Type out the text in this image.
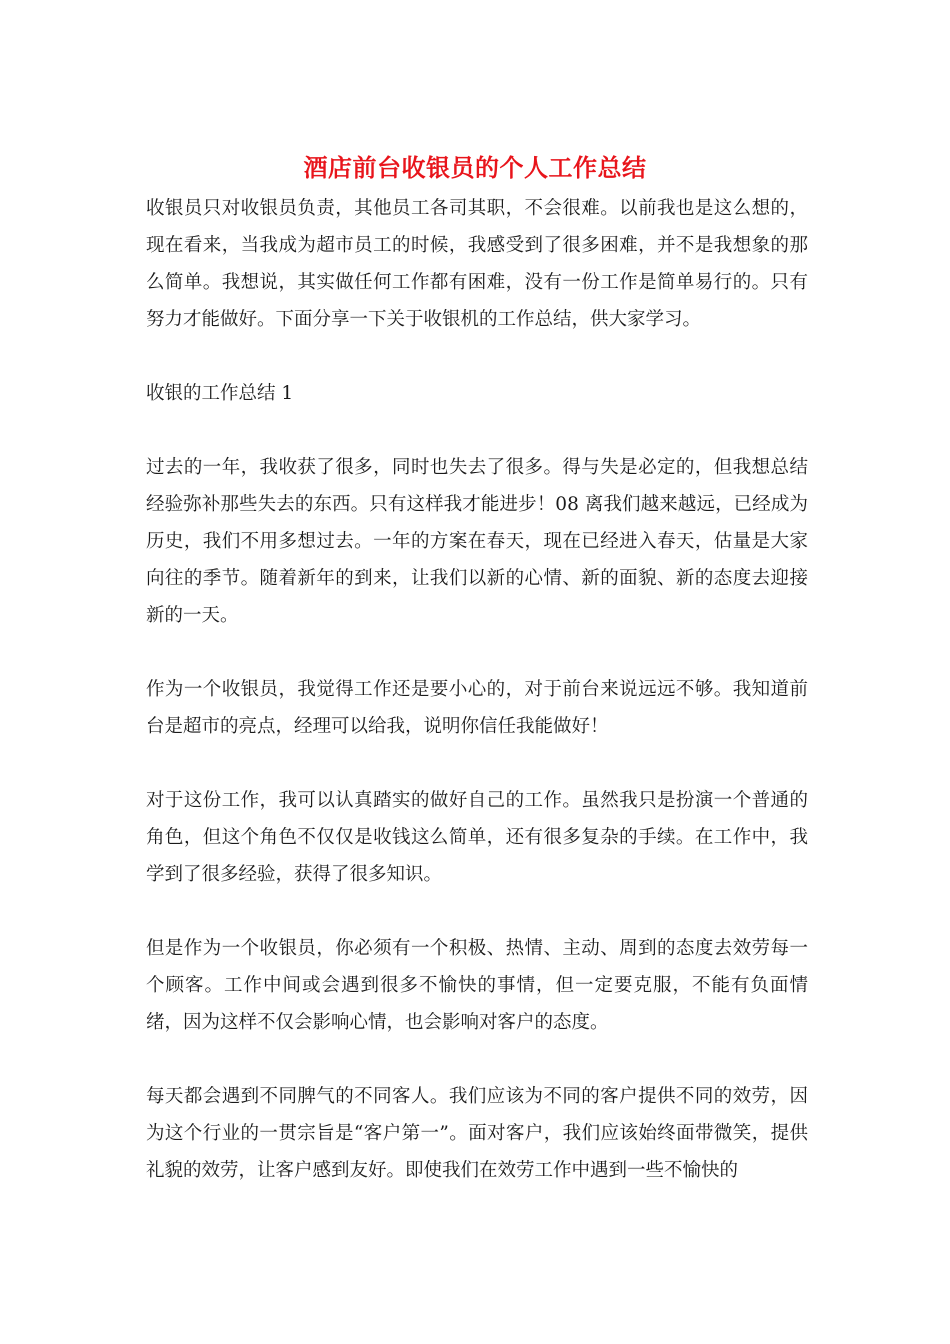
酒店前台收银员的个人工作总结

收银员只对收银员负责，其他员工各司其职，不会很难。以前我也是这么想的，现在看来，当我成为超市员工的时候，我感受到了很多困难，并不是我想象的那么简单。我想说，其实做任何工作都有困难，没有一份工作是简单易行的。只有努力才能做好。下面分享一下关于收银机的工作总结，供大家学习。

收银的工作总结 1

过去的一年，我收获了很多，同时也失去了很多。得与失是必定的，但我想总结经验弥补那些失去的东西。只有这样我才能进步！08 离我们越来越远，已经成为历史，我们不用多想过去。一年的方案在春天，现在已经进入春天，估量是大家向往的季节。随着新年的到来，让我们以新的心情、新的面貌、新的态度去迎接新的一天。

作为一个收银员，我觉得工作还是要小心的，对于前台来说远远不够。我知道前台是超市的亮点，经理可以给我，说明你信任我能做好！

对于这份工作，我可以认真踏实的做好自己的工作。虽然我只是扮演一个普通的角色，但这个角色不仅仅是收钱这么简单，还有很多复杂的手续。在工作中，我学到了很多经验，获得了很多知识。

但是作为一个收银员，你必须有一个积极、热情、主动、周到的态度去效劳每一个顾客。工作中间或会遇到很多不愉快的事情，但一定要克服，不能有负面情绪，因为这样不仅会影响心情，也会影响对客户的态度。

每天都会遇到不同脾气的不同客人。我们应该为不同的客户提供不同的效劳，因为这个行业的一贯宗旨是“客户第一”。面对客户，我们应该始终面带微笑，提供礼貌的效劳，让客户感到友好。即使我们在效劳工作中遇到一些不愉快的
